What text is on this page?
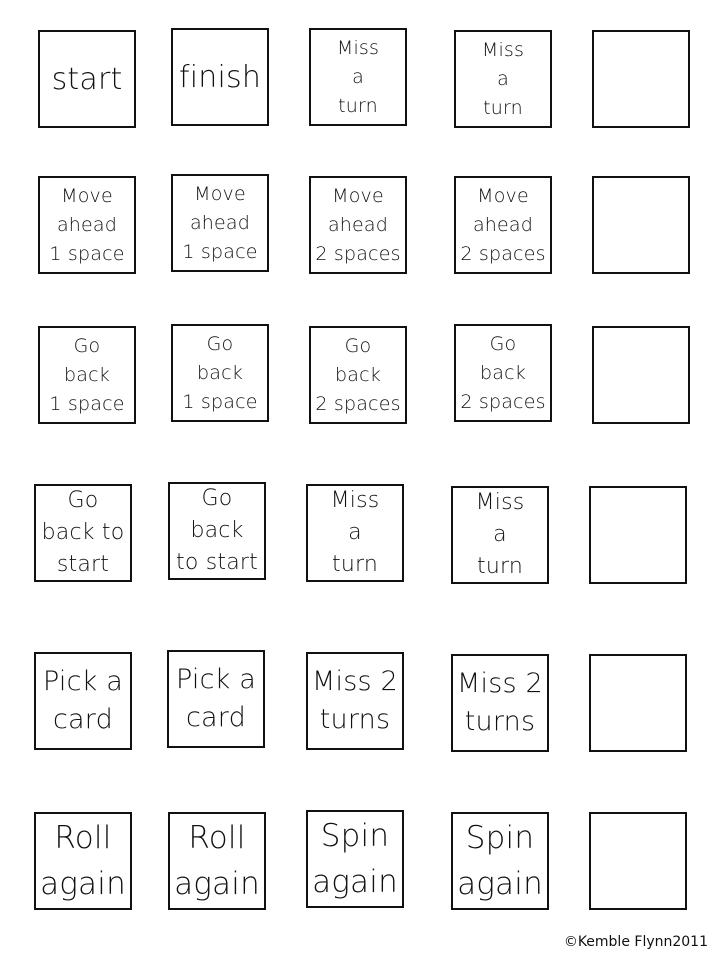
start finish
Miss
a
turn
Miss
a
turn
Move
ahead
1 space
Move
ahead
1 space
Move
ahead
2 spaces
Move
ahead
2 spaces
Go
back
1 space
Go
back
1 space
Go
back
2 spaces
Go
back
2 spaces
Go
back to
start
Go
back
to start
Miss
a
turn
Miss
a
turn
Pick a
card
Pick a
card
Miss 2
turns
Miss 2
turns
Roll
again
Roll
again
Spin
again
Spin
again
©Kemble Flynn2011
